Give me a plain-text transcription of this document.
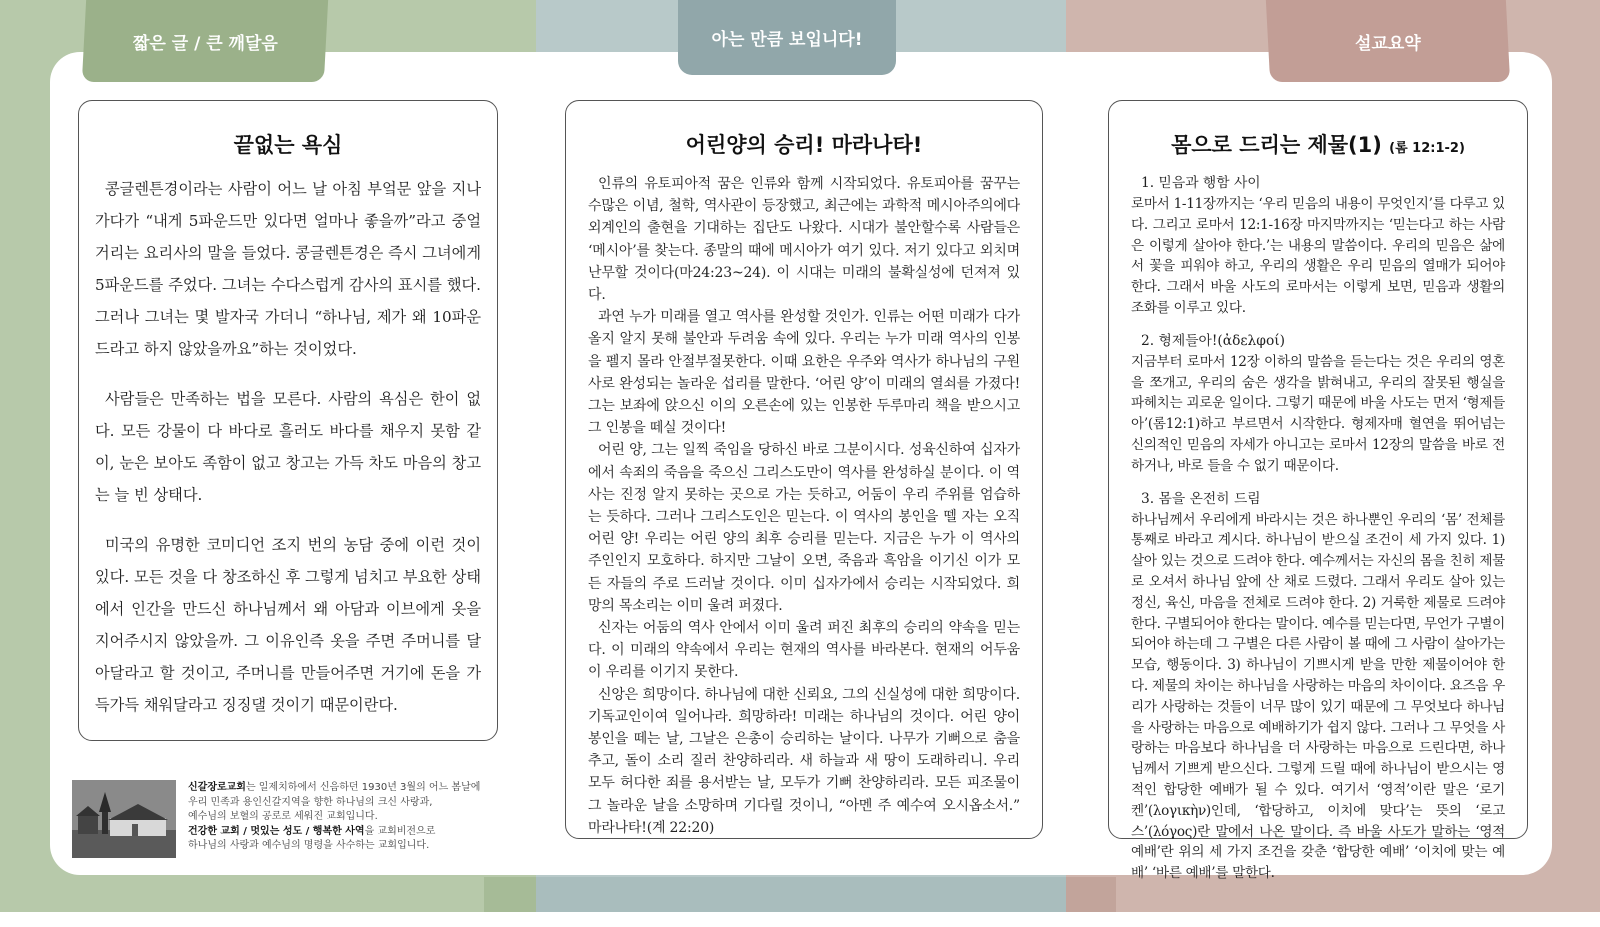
짧은 글 / 큰 깨달음	아는 만큼 보입니다!	설교요약
끝없는 욕심

콩글렌튼경이라는 사람이 어느 날 아침 부엌문 앞을 지나가다가 “내게 5파운드만 있다면 얼마나 좋을까”라고 중얼거리는 요리사의 말을 들었다. 콩글렌튼경은 즉시 그녀에게 5파운드를 주었다. 그녀는 수다스럽게 감사의 표시를 했다. 그러나 그녀는 몇 발자국 가더니 “하나님, 제가 왜 10파운드라고 하지 않았을까요”하는 것이었다.

사람들은 만족하는 법을 모른다. 사람의 욕심은 한이 없다. 모든 강물이 다 바다로 흘러도 바다를 채우지 못함 같이, 눈은 보아도 족함이 없고 창고는 가득 차도 마음의 창고는 늘 빈 상태다.

미국의 유명한 코미디언 조지 번의 농담 중에 이런 것이 있다. 모든 것을 다 창조하신 후 그렇게 넘치고 부요한 상태에서 인간을 만드신 하나님께서 왜 아담과 이브에게 옷을 지어주시지 않았을까. 그 이유인즉 옷을 주면 주머니를 달아달라고 할 것이고, 주머니를 만들어주면 거기에 돈을 가득가득 채워달라고 징징댈 것이기 때문이란다.

신갈장로교회는 일제치하에서 신음하던 1930년 3월의 어느 봄날에
우리 민족과 용인신갈지역을 향한 하나님의 크신 사랑과,
예수님의 보혈의 공로로 세워진 교회입니다.
건강한 교회 / 멋있는 성도 / 행복한 사역을 교회비전으로
하나님의 사랑과 예수님의 명령을 사수하는 교회입니다.
어린양의 승리! 마라나타!

인류의 유토피아적 꿈은 인류와 함께 시작되었다. 유토피아를 꿈꾸는 수많은 이념, 철학, 역사관이 등장했고, 최근에는 과학적 메시아주의에다 외계인의 출현을 기대하는 집단도 나왔다. 시대가 불안할수록 사람들은 ‘메시아’를 찾는다. 종말의 때에 메시아가 여기 있다. 저기 있다고 외치며 난무할 것이다(마24:23~24). 이 시대는 미래의 불확실성에 던져져 있다.

과연 누가 미래를 열고 역사를 완성할 것인가. 인류는 어떤 미래가 다가올지 알지 못해 불안과 두려움 속에 있다. 우리는 누가 미래 역사의 인봉을 펠지 몰라 안절부절못한다. 이때 요한은 우주와 역사가 하나님의 구원사로 완성되는 놀라운 섭리를 말한다. ‘어린 양’이 미래의 열쇠를 가졌다! 그는 보좌에 앉으신 이의 오른손에 있는 인봉한 두루마리 책을 받으시고 그 인봉을 떼실 것이다!

어린 양, 그는 일찍 죽임을 당하신 바로 그분이시다. 성육신하여 십자가에서 속죄의 죽음을 죽으신 그리스도만이 역사를 완성하실 분이다. 이 역사는 진정 알지 못하는 곳으로 가는 듯하고, 어둠이 우리 주위를 엄습하는 듯하다. 그러나 그리스도인은 믿는다. 이 역사의 봉인을 뗄 자는 오직 어린 양! 우리는 어린 양의 최후 승리를 믿는다. 지금은 누가 이 역사의 주인인지 모호하다. 하지만 그날이 오면, 죽음과 흑암을 이기신 이가 모든 자들의 주로 드러날 것이다. 이미 십자가에서 승리는 시작되었다. 희망의 목소리는 이미 울려 퍼졌다.

신자는 어둠의 역사 안에서 이미 울려 퍼진 최후의 승리의 약속을 믿는다. 이 미래의 약속에서 우리는 현재의 역사를 바라본다. 현재의 어두움이 우리를 이기지 못한다.

신앙은 희망이다. 하나님에 대한 신뢰요, 그의 신실성에 대한 희망이다. 기독교인이여 일어나라. 희망하라! 미래는 하나님의 것이다. 어린 양이 봉인을 떼는 날, 그날은 은총이 승리하는 날이다. 나무가 기뻐으로 춤을 추고, 돌이 소리 질러 찬양하리라. 새 하늘과 새 땅이 도래하리니. 우리 모두 허다한 죄를 용서받는 날, 모두가 기뻐 찬양하리라. 모든 피조물이 그 놀라운 날을 소망하며 기다릴 것이니, “아멘 주 예수여 오시옵소서.” 마라나타!(계 22:20)

몸으로 드리는 제물(1) (롬 12:1-2)
1. 믿음과 행함 사이

로마서 1-11장까지는 ‘우리 믿음의 내용이 무엇인지’를 다루고 있다. 그리고 로마서 12:1-16장 마지막까지는 ‘믿는다고 하는 사람은 이렇게 살아야 한다.’는 내용의 말씀이다. 우리의 믿음은 삶에서 꽃을 피워야 하고, 우리의 생활은 우리 믿음의 열매가 되어야 한다. 그래서 바울 사도의 로마서는 이렇게 보면, 믿음과 생활의 조화를 이루고 있다.

2. 형제들아!(ἀδελφοί)

지금부터 로마서 12장 이하의 말씀을 듣는다는 것은 우리의 영혼을 쪼개고, 우리의 숨은 생각을 밝혀내고, 우리의 잘못된 행실을 파헤치는 괴로운 일이다. 그렇기 때문에 바울 사도는 먼저 ‘형제들아’(롬12:1)하고 부르면서 시작한다. 형제자매 혈연을 뛰어넘는 신의적인 믿음의 자세가 아니고는 로마서 12장의 말씀을 바로 전하거나, 바로 들을 수 없기 때문이다.

3. 몸을 온전히 드림

하나님께서 우리에게 바라시는 것은 하나뿐인 우리의 ‘몸’ 전체를 통째로 바라고 계시다. 하나님이 받으실 조건이 세 가지 있다. 1) 살아 있는 것으로 드려야 한다. 예수께서는 자신의 몸을 친히 제물로 오셔서 하나님 앞에 산 채로 드렸다. 그래서 우리도 살아 있는 정신, 육신, 마음을 전체로 드려야 한다. 2) 거룩한 제물로 드려야 한다. 구별되어야 한다는 말이다. 예수를 믿는다면, 무언가 구별이 되어야 하는데 그 구별은 다른 사람이 볼 때에 그 사람이 살아가는 모습, 행동이다. 3) 하나님이 기쁘시게 받을 만한 제물이어야 한다. 제물의 차이는 하나님을 사랑하는 마음의 차이이다. 요즈음 우리가 사랑하는 것들이 너무 많이 있기 때문에 그 무엇보다 하나님을 사랑하는 마음으로 예배하기가 쉽지 않다. 그러나 그 무엇을 사랑하는 마음보다 하나님을 더 사랑하는 마음으로 드린다면, 하나님께서 기쁘게 받으신다. 그렇게 드릴 때에 하나님이 받으시는 영적인 합당한 예배가 될 수 있다. 여기서 ‘영적’이란 말은 ‘로기켄’(λογικὴν)인데, ‘합당하고, 이치에 맞다’는 뜻의 ‘로고스’(λόγος)란 말에서 나온 말이다. 즉 바울 사도가 말하는 ‘영적 예배’란 위의 세 가지 조건을 갖춘 ‘합당한 예배’ ‘이치에 맞는 예배’ ‘바른 예배’를 말한다.
